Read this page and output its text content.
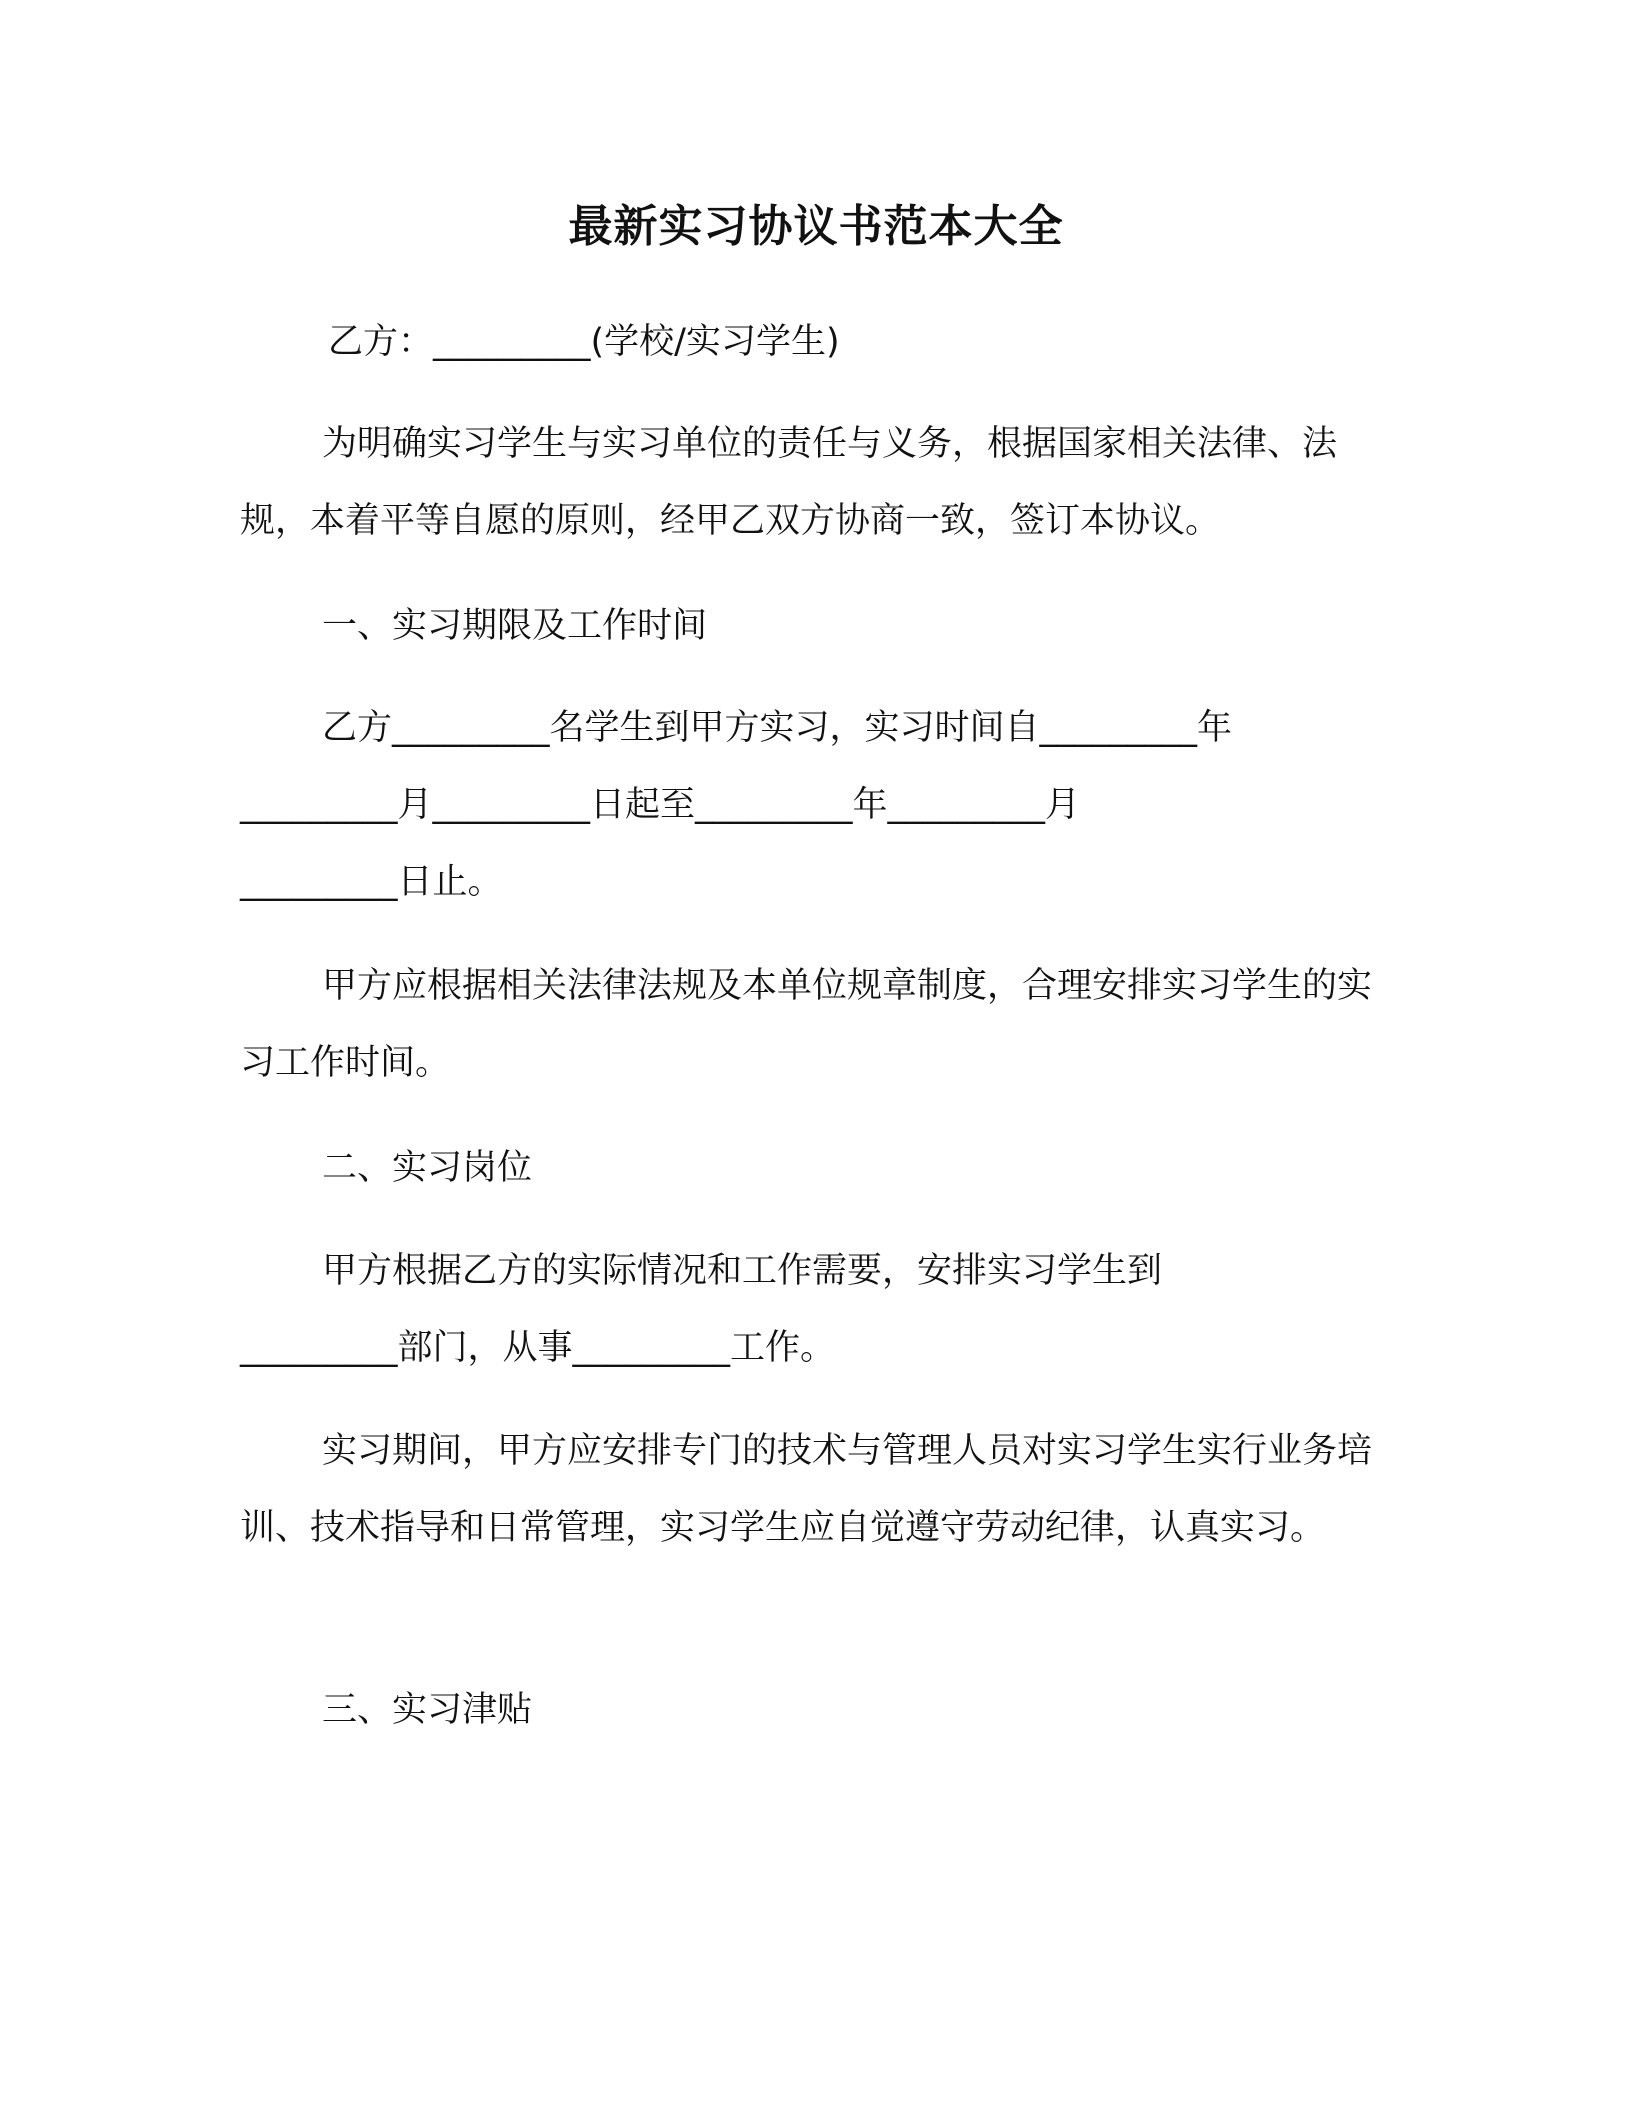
最新实习协议书范本大全
乙方：_________(学校/实习学生)

为明确实习学生与实习单位的责任与义务，根据国家相关法律、法规，本着平等自愿的原则，经甲乙双方协商一致，签订本协议。

一、实习期限及工作时间
乙方_________名学生到甲方实习，实习时间自_________年
_________月_________日起至_________年_________月
_________日止。

甲方应根据相关法律法规及本单位规章制度，合理安排实习学生的实习工作时间。

二、实习岗位
甲方根据乙方的实际情况和工作需要，安排实习学生到
_________部门，从事_________工作。

实习期间，甲方应安排专门的技术与管理人员对实习学生实行业务培训、技术指导和日常管理，实习学生应自觉遵守劳动纪律，认真实习。

三、实习津贴
